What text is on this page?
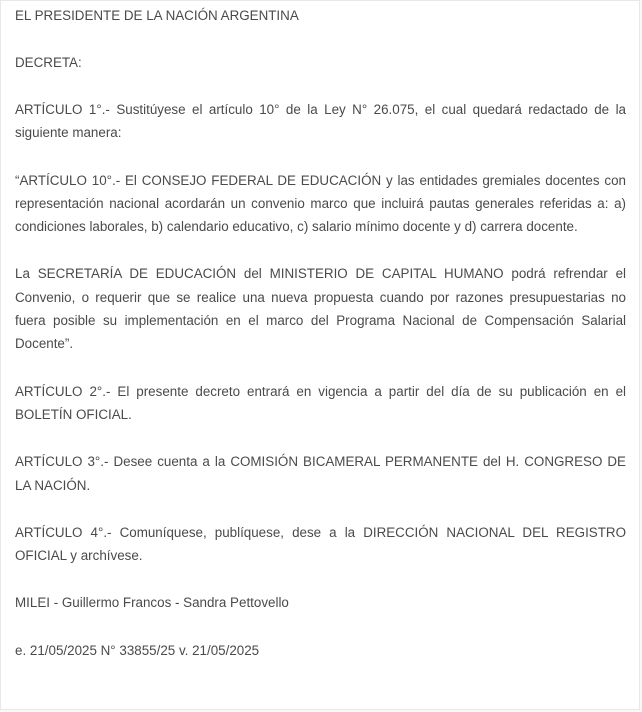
EL PRESIDENTE DE LA NACIÓN ARGENTINA
DECRETA:

ARTÍCULO 1°.- Sustitúyese el artículo 10° de la Ley N° 26.075, el cual quedará redactado de la siguiente manera:

“ARTÍCULO 10°.- El CONSEJO FEDERAL DE EDUCACIÓN y las entidades gremiales docentes con representación nacional acordarán un convenio marco que incluirá pautas generales referidas a: a) condiciones laborales, b) calendario educativo, c) salario mínimo docente y d) carrera docente.

La SECRETARÍA DE EDUCACIÓN del MINISTERIO DE CAPITAL HUMANO podrá refrendar el Convenio, o requerir que se realice una nueva propuesta cuando por razones presupuestarias no fuera posible su implementación en el marco del Programa Nacional de Compensación Salarial Docente”.

ARTÍCULO 2°.- El presente decreto entrará en vigencia a partir del día de su publicación en el BOLETÍN OFICIAL.

ARTÍCULO 3°.- Desee cuenta a la COMISIÓN BICAMERAL PERMANENTE del H. CONGRESO DE LA NACIÓN.

ARTÍCULO 4°.- Comuníquese, publíquese, dese a la DIRECCIÓN NACIONAL DEL REGISTRO OFICIAL y archívese.

MILEI - Guillermo Francos - Sandra Pettovello

e. 21/05/2025 N° 33855/25 v. 21/05/2025
